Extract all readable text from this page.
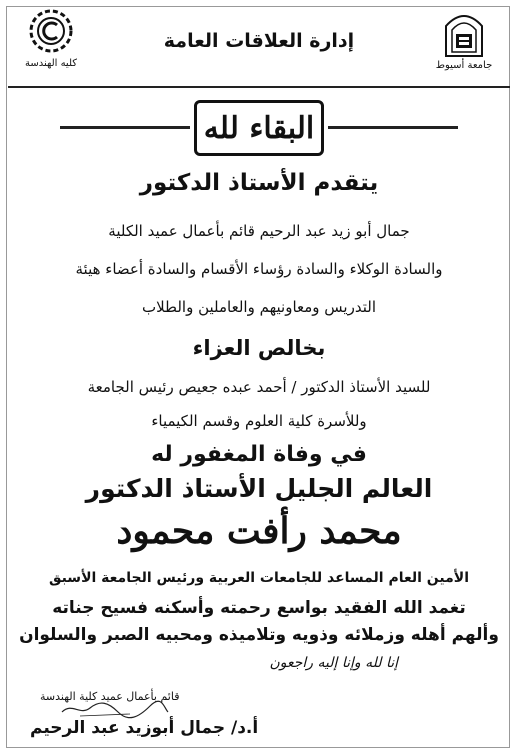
جامعة أسيوط
إدارة العلاقات العامة
كليه الهندسة
البقاء لله
يتقدم الأستاذ الدكتور
جمال أبو زيد عبد الرحيم قائم بأعمال عميد الكلية
والسادة الوكلاء والسادة رؤساء الأقسام والسادة أعضاء هيئة
التدريس ومعاونيهم والعاملين والطلاب
بخالص العزاء
للسيد الأستاذ الدكتور / أحمد عبده جعيص رئيس الجامعة
وللأسرة كلية العلوم وقسم الكيمياء
في وفاة المغفور له
العالم الجليل الأستاذ الدكتور
محمد رأفت محمود
الأمين العام المساعد للجامعات العربية ورئيس الجامعة الأسبق
تغمد الله الفقيد بواسع رحمته وأسكنه فسيح جناته
وألهم أهله وزملائه وذويه وتلاميذه ومحبيه الصبر والسلوان
إنا لله وإنا إليه راجعون
قائم بأعمال عميد كلية الهندسة
أ.د/ جمال أبوزيد عبد الرحيم
